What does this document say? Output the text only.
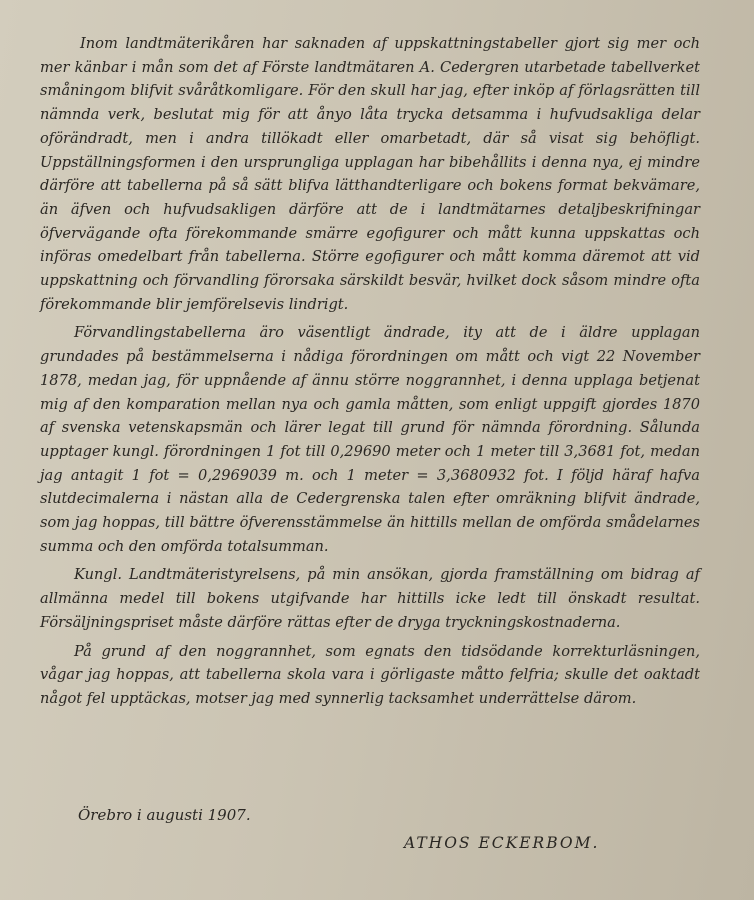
Inom landtmäterikåren har saknaden af uppskattningstabeller gjort sig mer och mer känbar i mån som det af Förste landtmätaren A. Cedergren utarbetade tabellverket småningom blifvit svåråtkomligare. För den skull har jag, efter inköp af förlagsrätten till nämnda verk, beslutat mig för att ånyo låta trycka detsamma i hufvudsakliga delar oförändradt, men i andra tillökadt eller omarbetadt, där så visat sig behöfligt. Uppställningsformen i den ursprungliga upplagan har bibehållits i denna nya, ej mindre därföre att tabellerna på så sätt blifva lätthandterligare och bokens format bekvämare, än äfven och hufvudsakligen därföre att de i landtmätarnes detaljbeskrifningar öfvervägande ofta förekommande smärre egofigurer och mått kunna uppskattas och införas omedelbart från tabellerna. Större egofigurer och mått komma däremot att vid uppskattning och förvandling förorsaka särskildt besvär, hvilket dock såsom mindre ofta förekommande blir jemförelsevis lindrigt.

Förvandlingstabellerna äro väsentligt ändrade, ity att de i äldre upplagan grundades på bestämmelserna i nådiga förordningen om mått och vigt 22 November 1878, medan jag, för uppnående af ännu större noggrannhet, i denna upplaga betjenat mig af den komparation mellan nya och gamla måtten, som enligt uppgift gjordes 1870 af svenska vetenskapsmän och lärer legat till grund för nämnda förordning. Sålunda upptager kungl. förordningen 1 fot till 0,29690 meter och 1 meter till 3,3681 fot, medan jag antagit 1 fot = 0,2969039 m. och 1 meter = 3,3680932 fot. I följd häraf hafva slutdecimalerna i nästan alla de Cedergrenska talen efter omräkning blifvit ändrade, som jag hoppas, till bättre öfverensstämmelse än hittills mellan de omförda smådelarnes summa och den omförda totalsumman.

Kungl. Landtmäteristyrelsens, på min ansökan, gjorda framställning om bidrag af allmänna medel till bokens utgifvande har hittills icke ledt till önskadt resultat. Försäljningspriset måste därföre rättas efter de dryga tryckningskostnaderna.

På grund af den noggrannhet, som egnats den tidsödande korrekturläsningen, vågar jag hoppas, att tabellerna skola vara i görligaste måtto felfria; skulle det oaktadt något fel upptäckas, motser jag med synnerlig tacksamhet underrättelse därom.

Örebro i augusti 1907.
ATHOS ECKERBOM.
